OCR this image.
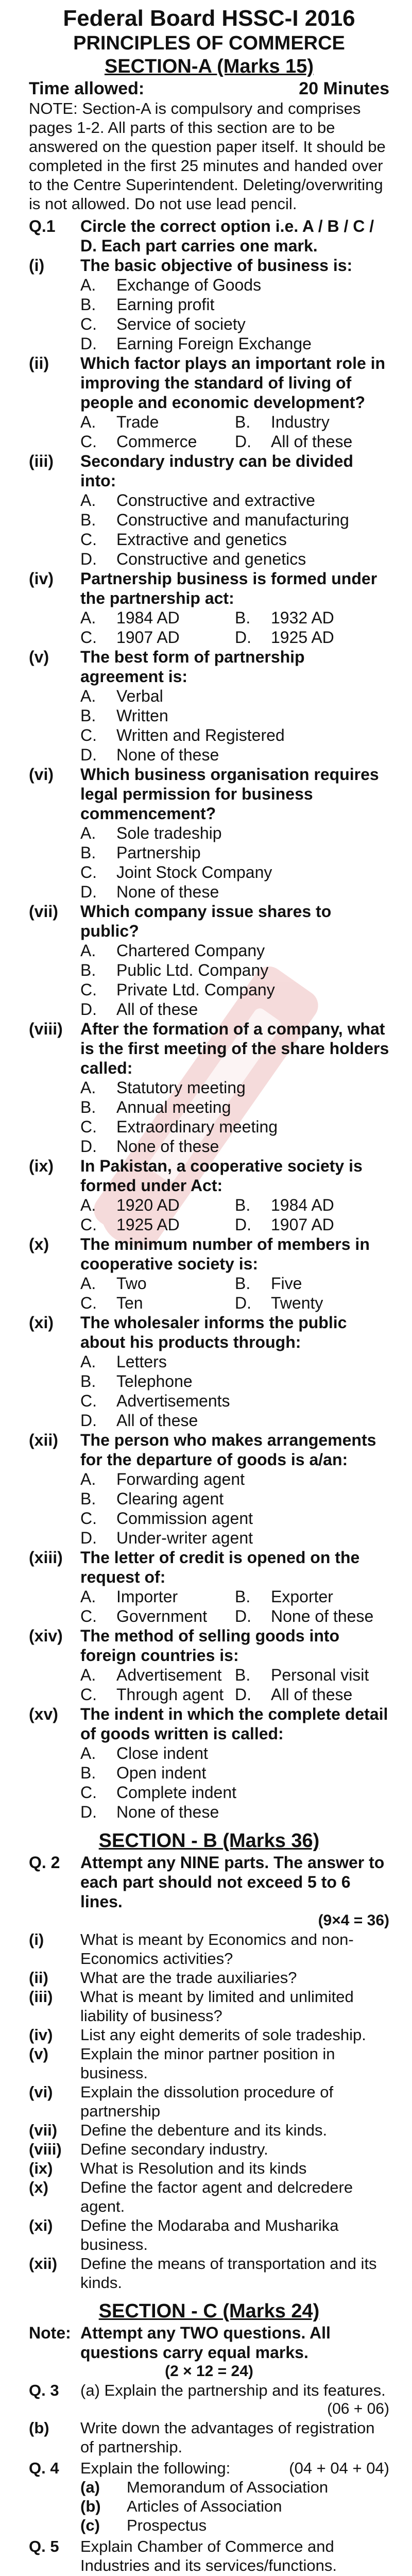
Federal Board HSSC-I 2016

PRINCIPLES OF COMMERCE

SECTION-A (Marks 15)

Time allowed:	20 Minutes

NOTE: Section-A is compulsory and comprises pages 1-2. All parts of this section are to be answered on the question paper itself. It should be completed in the first 25 minutes and handed over to the Centre Superintendent. Deleting/overwriting is not allowed. Do not use lead pencil.

Q.1	Circle the correct option i.e. A / B / C / D. Each part carries one mark.
(i)	The basic objective of business is:
A.	Exchange of Goods
B.	Earning profit
C.	Service of society
D.	Earning Foreign Exchange
(ii)	Which factor plays an important role in improving the standard of living of people and economic development?
A.	Trade	B.	Industry
C.	Commerce D.	All of these
(iii)	Secondary industry can be divided into:
A.	Constructive and extractive
B.	Constructive and manufacturing
C.	Extractive and genetics
D.	Constructive and genetics
(iv)	Partnership business is formed under the partnership act:
A.	1984 AD	B.	1932 AD
C.	1907 AD	D.	1925 AD
(v)	The best form of partnership agreement is:
A.	Verbal
B.	Written
C.	Written and Registered
D.	None of these
(vi)	Which business organisation requires legal permission for business commencement?
A.	Sole tradeship
B.	Partnership
C.	Joint Stock Company
D.	None of these
(vii)	Which company issue shares to public?
A.	Chartered Company
B.	Public Ltd. Company
C.	Private Ltd. Company
D.	All of these
(viii)	After the formation of a company, what is the first meeting of the share holders called:
A.	Statutory meeting
B.	Annual meeting
C.	Extraordinary meeting
D.	None of these
(ix)	In Pakistan, a cooperative society is formed under Act:
A.	1920 AD	B.	1984 AD
C.	1925 AD	D.	1907 AD
(x)	The minimum number of members in cooperative society is:
A.	Two	B.	Five
C.	Ten	D.	Twenty
(xi)	The wholesaler informs the public about his products through:
A.	Letters
B.	Telephone
C.	Advertisements
D.	All of these
(xii)	The person who makes arrangements for the departure of goods is a/an:
A.	Forwarding agent
B.	Clearing agent
C.	Commission agent
D.	Under-writer agent
(xiii)	The letter of credit is opened on the request of:
A.	Importer	B.	Exporter
C.	Government D.	None of these
(xiv)	The method of selling goods into foreign countries is:
A.	Advertisement B.	Personal visit
C.	Through agent D.	All of these
(xv)	The indent in which the complete detail of goods written is called:
A.	Close indent
B.	Open indent
C.	Complete indent
D.	None of these

SECTION - B (Marks 36)

Q. 2	Attempt any NINE parts. The answer to each part should not exceed 5 to 6 lines.
(9×4 = 36)
(i)	What is meant by Economics and non-Economics activities?
(ii)	What are the trade auxiliaries?
(iii)	What is meant by limited and unlimited liability of business?
(iv)	List any eight demerits of sole tradeship.
(v)	Explain the minor partner position in business.
(vi)	Explain the dissolution procedure of partnership
(vii)	Define the debenture and its kinds.
(viii)	Define secondary industry.
(ix)	What is Resolution and its kinds
(x)	Define the factor agent and delcredere agent.
(xi)	Define the Modaraba and Musharika business.
(xii)	Define the means of transportation and its kinds.

SECTION - C (Marks 24)

Note: Attempt any TWO questions. All questions carry equal marks.
(2 × 12 = 24)
Q. 3	(a) Explain the partnership and its features.
(06 + 06)
(b)	Write down the advantages of registration of partnership.
Q. 4	Explain the following:	(04 + 04 + 04)
(a)	Memorandum of Association
(b)	Articles of Association
(c)	Prospectus
Q. 5	Explain Chamber of Commerce and Industries and its services/functions.
